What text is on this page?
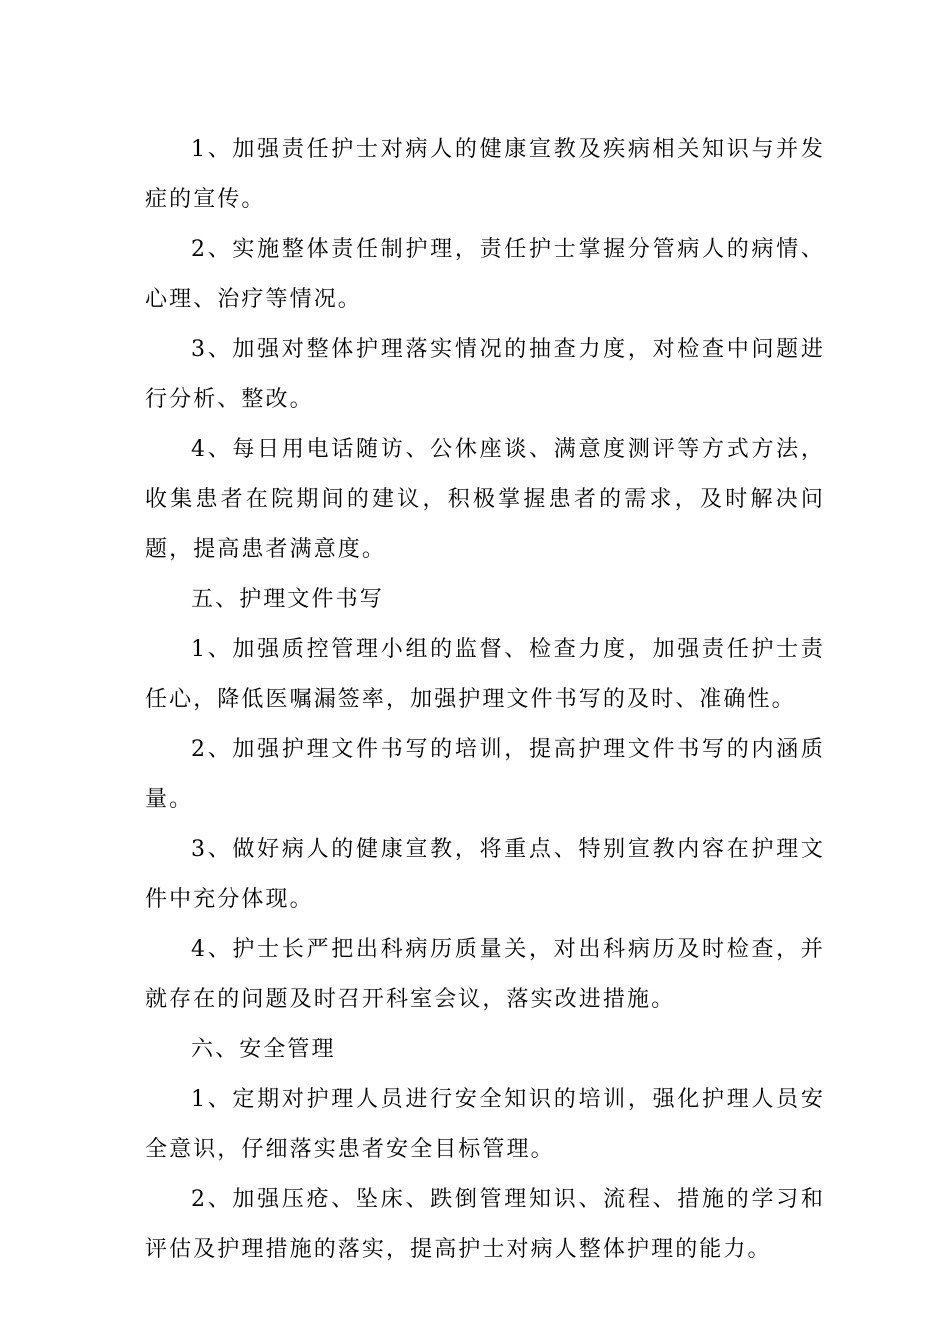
1、加强责任护士对病人的健康宣教及疾病相关知识与并发症的宣传。

2、实施整体责任制护理，责任护士掌握分管病人的病情、心理、治疗等情况。

3、加强对整体护理落实情况的抽查力度，对检查中问题进行分析、整改。

4、每日用电话随访、公休座谈、满意度测评等方式方法，收集患者在院期间的建议，积极掌握患者的需求，及时解决问题，提高患者满意度。

五、护理文件书写

1、加强质控管理小组的监督、检查力度，加强责任护士责任心，降低医嘱漏签率，加强护理文件书写的及时、准确性。

2、加强护理文件书写的培训，提高护理文件书写的内涵质量。

3、做好病人的健康宣教，将重点、特别宣教内容在护理文件中充分体现。

4、护士长严把出科病历质量关，对出科病历及时检查，并就存在的问题及时召开科室会议，落实改进措施。

六、安全管理

1、定期对护理人员进行安全知识的培训，强化护理人员安全意识，仔细落实患者安全目标管理。

2、加强压疮、坠床、跌倒管理知识、流程、措施的学习和评估及护理措施的落实，提高护士对病人整体护理的能力。
